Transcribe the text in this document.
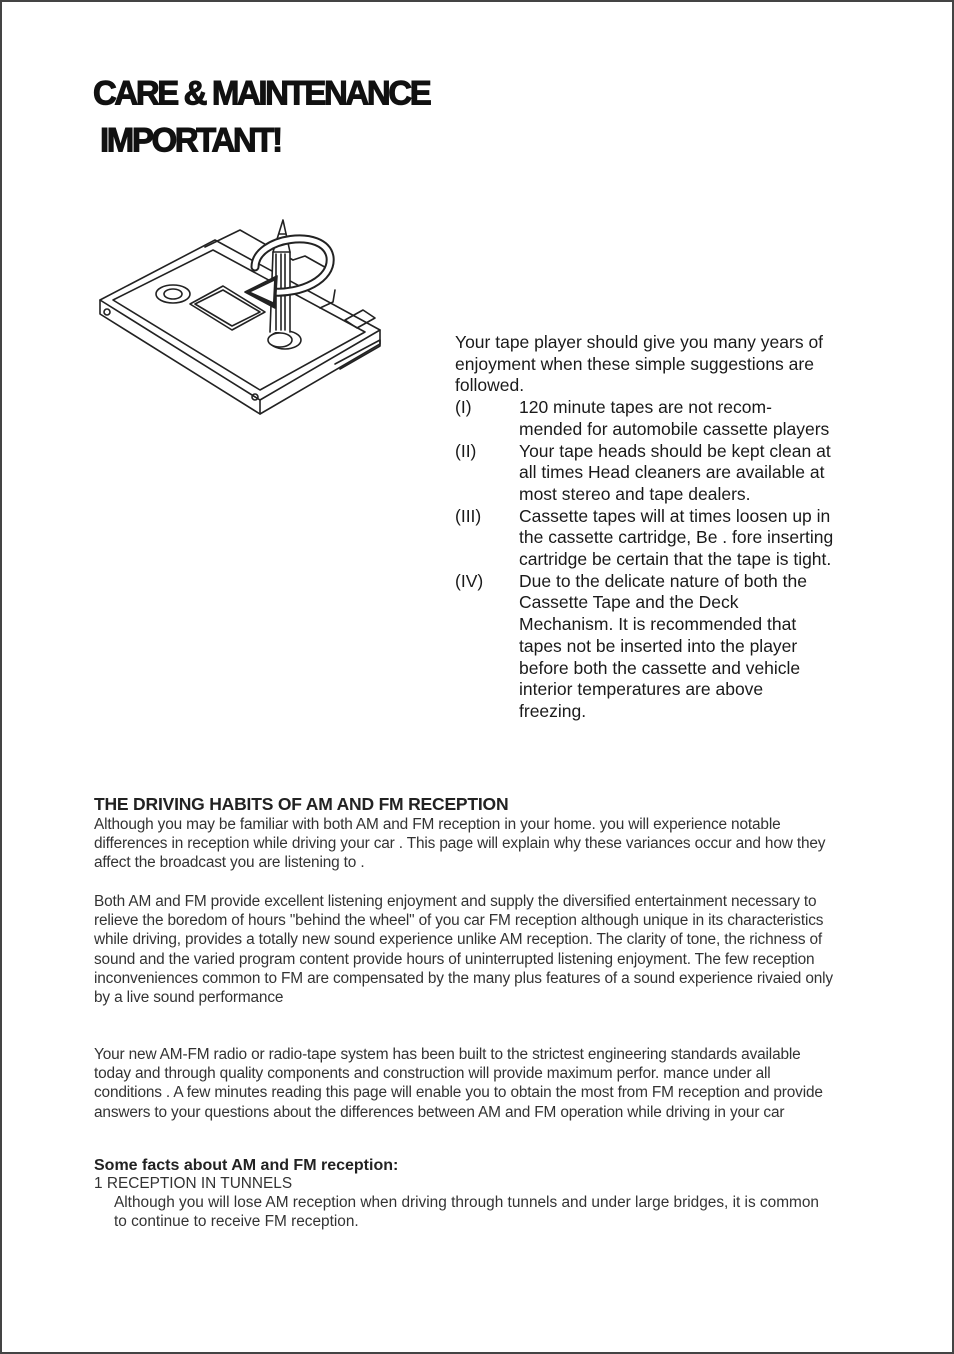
CARE & MAINTENANCE
IMPORTANT!

Your tape player should give you many years of enjoyment when these simple suggestions are followed.

(I)	120 minute tapes are not recom- mended for automobile cassette players
(II)	Your tape heads should be kept clean at all times Head cleaners are available at most stereo and tape dealers.
(III)	Cassette tapes will at times loosen up in the cassette cartridge, Be . fore inserting cartridge be certain that the tape is tight.
(IV)	Due to the delicate nature of both the Cassette Tape and the Deck Mechanism. It is recommended that tapes not be inserted into the player before both the cassette and vehicle interior temperatures are above freezing.

THE DRIVING HABITS OF AM AND FM RECEPTION

Although you may be familiar with both AM and FM reception in your home. you will experience notable differences in reception while driving your car . This page will explain why these variances occur and how they affect the broadcast you are listening to .

Both AM and FM provide excellent listening enjoyment and supply the diversified entertainment necessary to relieve the boredom of hours "behind the wheel" of you car FM reception although unique in its characteristics while driving, provides a totally new sound experience unlike AM reception. The clarity of tone, the richness of sound and the varied program content provide hours of uninterrupted listening enjoyment. The few reception inconveniences common to FM are compensated by the many plus features of a sound experience rivaied only by a live sound performance

Your new AM-FM radio or radio-tape system has been built to the strictest engineering standards available today and through quality components and construction will provide maximum perfor. mance under all conditions . A few minutes reading this page will enable you to obtain the most from FM reception and provide answers to your questions about the differences between AM and FM operation while driving in your car

Some facts about AM and FM reception:

1 RECEPTION IN TUNNELS

Although you will lose AM reception when driving through tunnels and under large bridges, it is common to continue to receive FM reception.
